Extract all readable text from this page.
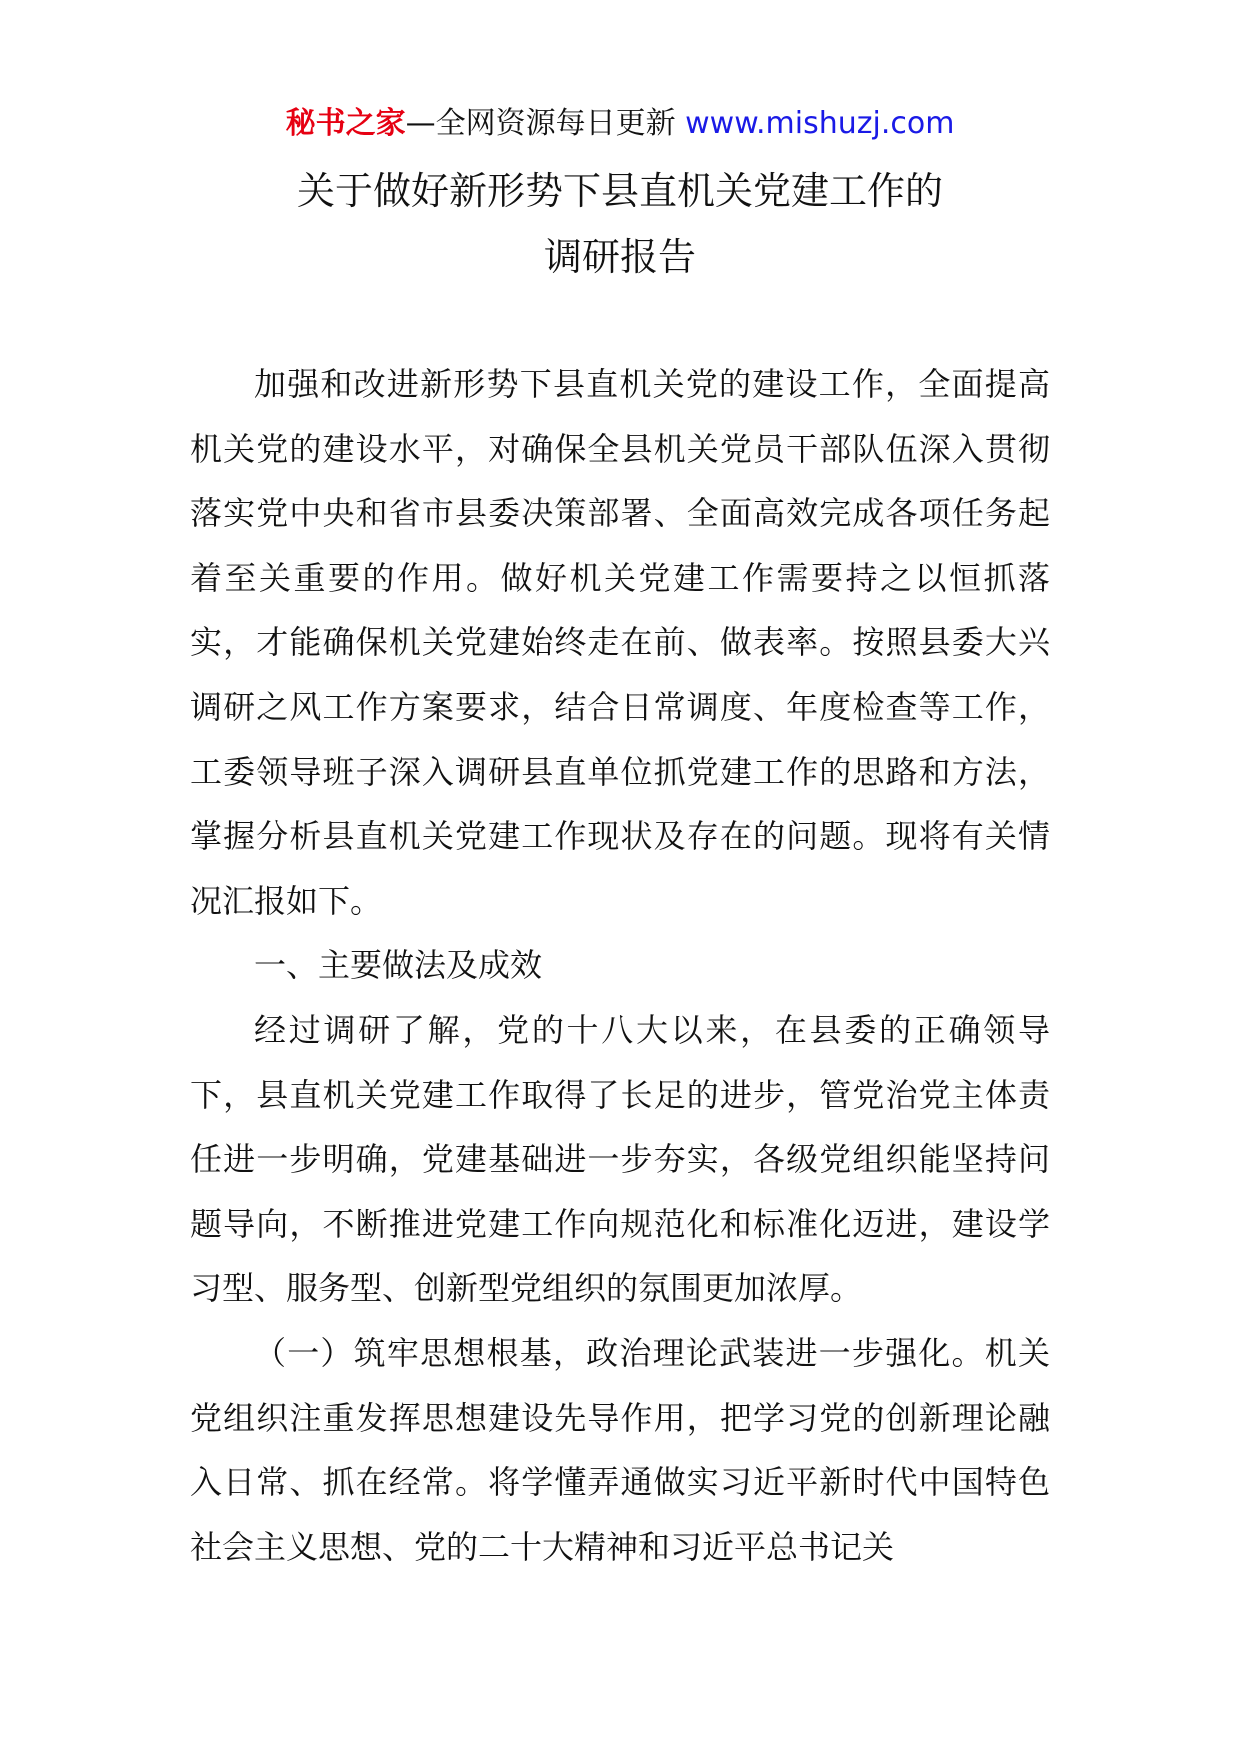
秘书之家—全网资源每日更新 www.mishuzj.com
关于做好新形势下县直机关党建工作的
调研报告

加强和改进新形势下县直机关党的建设工作，全面提高机关党的建设水平，对确保全县机关党员干部队伍深入贯彻落实党中央和省市县委决策部署、全面高效完成各项任务起着至关重要的作用。做好机关党建工作需要持之以恒抓落实，才能确保机关党建始终走在前、做表率。按照县委大兴调研之风工作方案要求，结合日常调度、年度检查等工作，工委领导班子深入调研县直单位抓党建工作的思路和方法，掌握分析县直机关党建工作现状及存在的问题。现将有关情况汇报如下。

一、主要做法及成效

经过调研了解，党的十八大以来，在县委的正确领导下，县直机关党建工作取得了长足的进步，管党治党主体责任进一步明确，党建基础进一步夯实，各级党组织能坚持问题导向，不断推进党建工作向规范化和标准化迈进，建设学习型、服务型、创新型党组织的氛围更加浓厚。

（一）筑牢思想根基，政治理论武装进一步强化。机关党组织注重发挥思想建设先导作用，把学习党的创新理论融入日常、抓在经常。将学懂弄通做实习近平新时代中国特色社会主义思想、党的二十大精神和习近平总书记关
